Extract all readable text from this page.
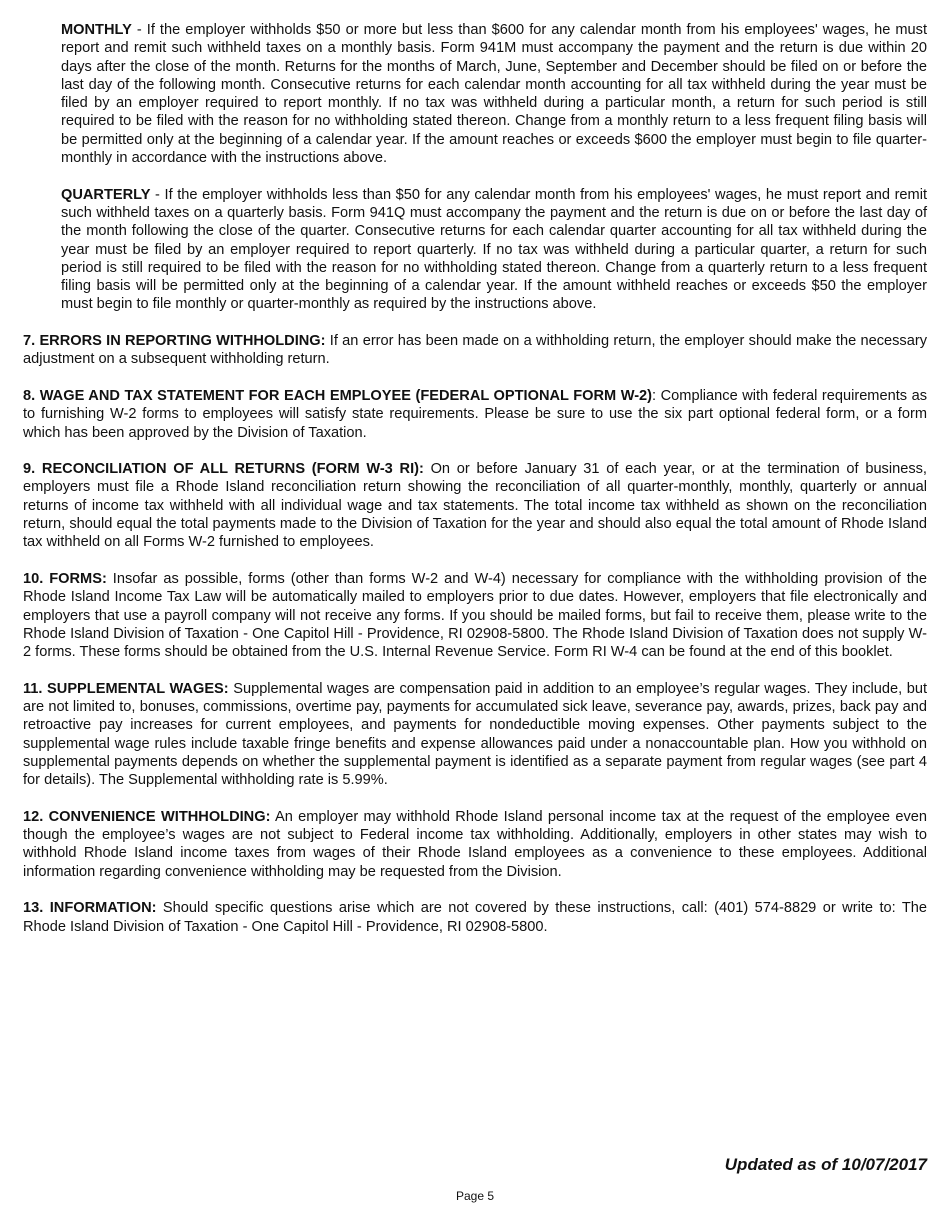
MONTHLY - If the employer withholds $50 or more but less than $600 for any calendar month from his employees' wages, he must report and remit such withheld taxes on a monthly basis. Form 941M must accompany the payment and the return is due within 20 days after the close of the month. Returns for the months of March, June, September and December should be filed on or before the last day of the following month. Consecutive returns for each calendar month accounting for all tax withheld during the year must be filed by an employer required to report monthly. If no tax was withheld during a particular month, a return for such period is still required to be filed with the reason for no withholding stated thereon. Change from a monthly return to a less frequent filing basis will be permitted only at the beginning of a calendar year. If the amount reaches or exceeds $600 the employer must begin to file quarter-monthly in accordance with the instructions above.

QUARTERLY - If the employer withholds less than $50 for any calendar month from his employees' wages, he must report and remit such withheld taxes on a quarterly basis. Form 941Q must accompany the payment and the return is due on or before the last day of the month following the close of the quarter. Consecutive returns for each calendar quarter accounting for all tax withheld during the year must be filed by an employer required to report quarterly. If no tax was withheld during a particular quarter, a return for such period is still required to be filed with the reason for no withholding stated thereon. Change from a quarterly return to a less frequent filing basis will be permitted only at the beginning of a calendar year. If the amount withheld reaches or exceeds $50 the employer must begin to file monthly or quarter-monthly as required by the instructions above.

7. ERRORS IN REPORTING WITHHOLDING: If an error has been made on a withholding return, the employer should make the necessary adjustment on a subsequent withholding return.

8. WAGE AND TAX STATEMENT FOR EACH EMPLOYEE (FEDERAL OPTIONAL FORM W-2): Compliance with federal requirements as to furnishing W-2 forms to employees will satisfy state requirements. Please be sure to use the six part optional federal form, or a form which has been approved by the Division of Taxation.

9. RECONCILIATION OF ALL RETURNS (FORM W-3 RI): On or before January 31 of each year, or at the termination of business, employers must file a Rhode Island reconciliation return showing the reconciliation of all quarter-monthly, monthly, quarterly or annual returns of income tax withheld with all individual wage and tax statements. The total income tax withheld as shown on the reconciliation return, should equal the total payments made to the Division of Taxation for the year and should also equal the total amount of Rhode Island tax withheld on all Forms W-2 furnished to employees.

10. FORMS: Insofar as possible, forms (other than forms W-2 and W-4) necessary for compliance with the withholding provision of the Rhode Island Income Tax Law will be automatically mailed to employers prior to due dates. However, employers that file electronically and employers that use a payroll company will not receive any forms. If you should be mailed forms, but fail to receive them, please write to the Rhode Island Division of Taxation - One Capitol Hill - Providence, RI 02908-5800. The Rhode Island Division of Taxation does not supply W-2 forms. These forms should be obtained from the U.S. Internal Revenue Service. Form RI W-4 can be found at the end of this booklet.

11. SUPPLEMENTAL WAGES: Supplemental wages are compensation paid in addition to an employee’s regular wages. They include, but are not limited to, bonuses, commissions, overtime pay, payments for accumulated sick leave, severance pay, awards, prizes, back pay and retroactive pay increases for current employees, and payments for nondeductible moving expenses. Other payments subject to the supplemental wage rules include taxable fringe benefits and expense allowances paid under a nonaccountable plan. How you withhold on supplemental payments depends on whether the supplemental payment is identified as a separate payment from regular wages (see part 4 for details). The Supplemental withholding rate is 5.99%.

12. CONVENIENCE WITHHOLDING: An employer may withhold Rhode Island personal income tax at the request of the employee even though the employee’s wages are not subject to Federal income tax withholding. Additionally, employers in other states may wish to withhold Rhode Island income taxes from wages of their Rhode Island employees as a convenience to these employees. Additional information regarding convenience withholding may be requested from the Division.

13. INFORMATION: Should specific questions arise which are not covered by these instructions, call: (401) 574-8829 or write to: The Rhode Island Division of Taxation - One Capitol Hill - Providence, RI 02908-5800.

Updated as of 10/07/2017

Page 5
